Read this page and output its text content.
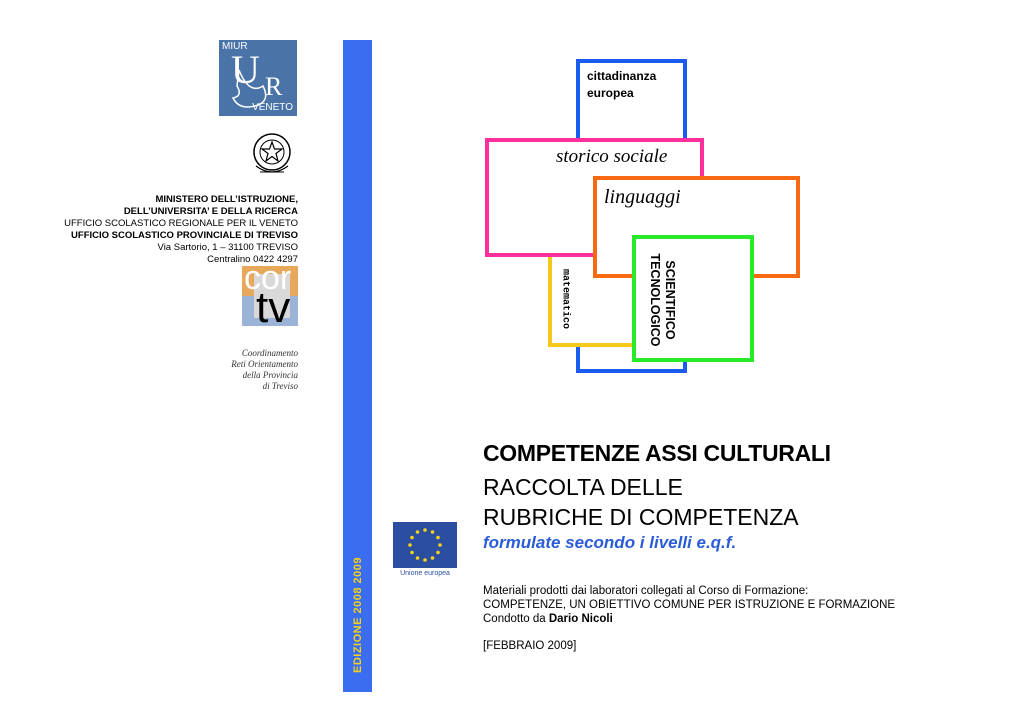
MIUR
U R
VENETO
MINISTERO DELL’ISTRUZIONE,
DELL’UNIVERSITA’ E DELLA RICERCA
UFFICIO SCOLASTICO REGIONALE PER IL VENETO
UFFICIO SCOLASTICO PROVINCIALE DI TREVISO
Via Sartorio, 1 – 31100 TREVISO
Centralino 0422 4297
cor
tv
Coordinamento
Reti Orientamento
della Provincia
di Treviso
EDIZIONE 2008 2009	Unione europea
cittadinanza
europea
storico sociale
linguaggi
matematico	SCIENTIFICO
TECNOLOGICO
COMPETENZE ASSI CULTURALI
RACCOLTA DELLE
RUBRICHE DI COMPETENZA
formulate secondo i livelli e.q.f.
Materiali prodotti dai laboratori collegati al Corso di Formazione:
COMPETENZE, UN OBIETTIVO COMUNE PER ISTRUZIONE E FORMAZIONE
Condotto da Dario Nicoli
[FEBBRAIO 2009]
